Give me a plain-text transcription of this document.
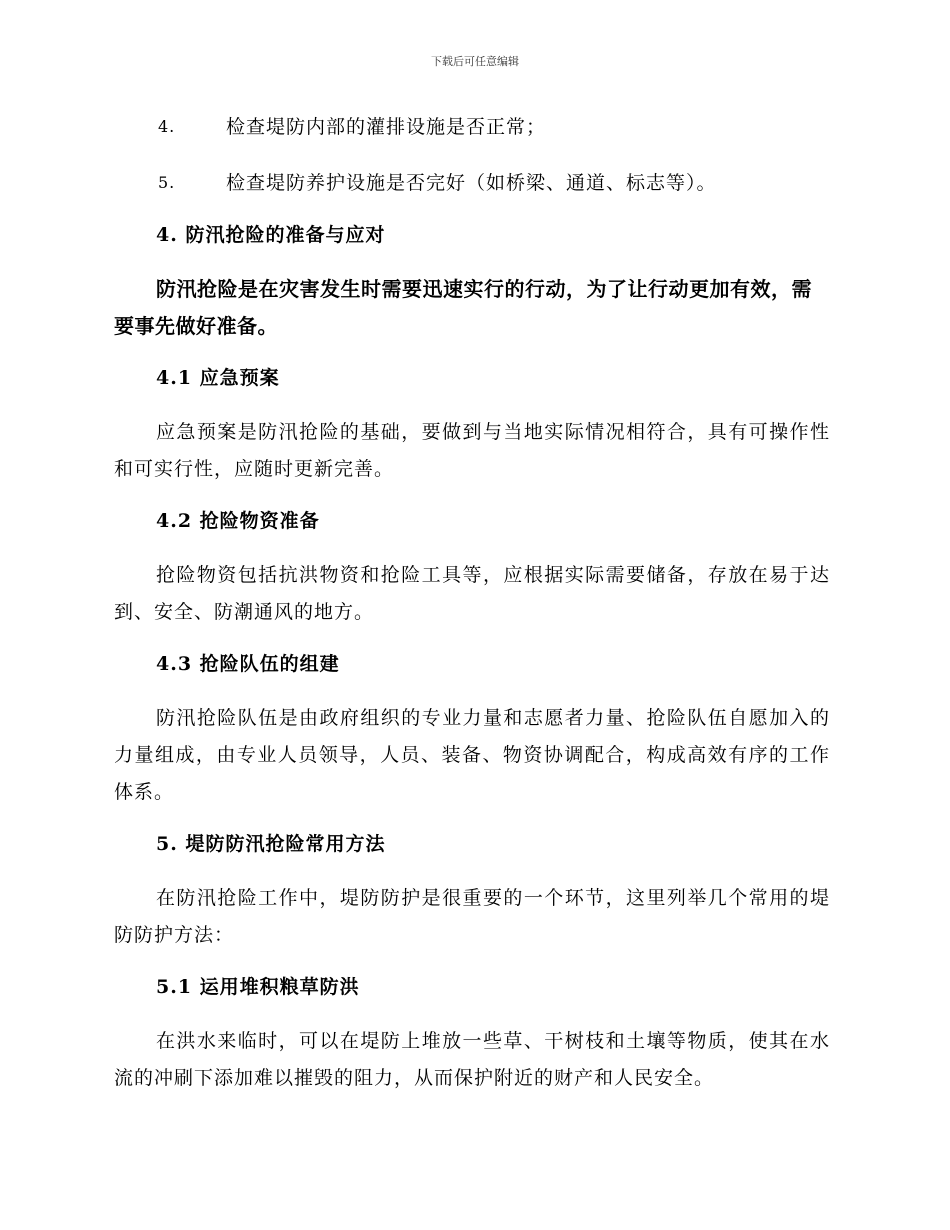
下载后可任意编辑
4.	检查堤防内部的灌排设施是否正常；
5.	检查堤防养护设施是否完好（如桥梁、通道、标志等）。
4. 防汛抢险的准备与应对
防汛抢险是在灾害发生时需要迅速实行的行动，为了让行动更加有效，需要事先做好准备。
4.1 应急预案
应急预案是防汛抢险的基础，要做到与当地实际情况相符合，具有可操作性和可实行性，应随时更新完善。
4.2 抢险物资准备
抢险物资包括抗洪物资和抢险工具等，应根据实际需要储备，存放在易于达到、安全、防潮通风的地方。
4.3 抢险队伍的组建
防汛抢险队伍是由政府组织的专业力量和志愿者力量、抢险队伍自愿加入的力量组成，由专业人员领导，人员、装备、物资协调配合，构成高效有序的工作体系。
5. 堤防防汛抢险常用方法
在防汛抢险工作中，堤防防护是很重要的一个环节，这里列举几个常用的堤防防护方法：
5.1 运用堆积粮草防洪
在洪水来临时，可以在堤防上堆放一些草、干树枝和土壤等物质，使其在水流的冲刷下添加难以摧毁的阻力，从而保护附近的财产和人民安全。
